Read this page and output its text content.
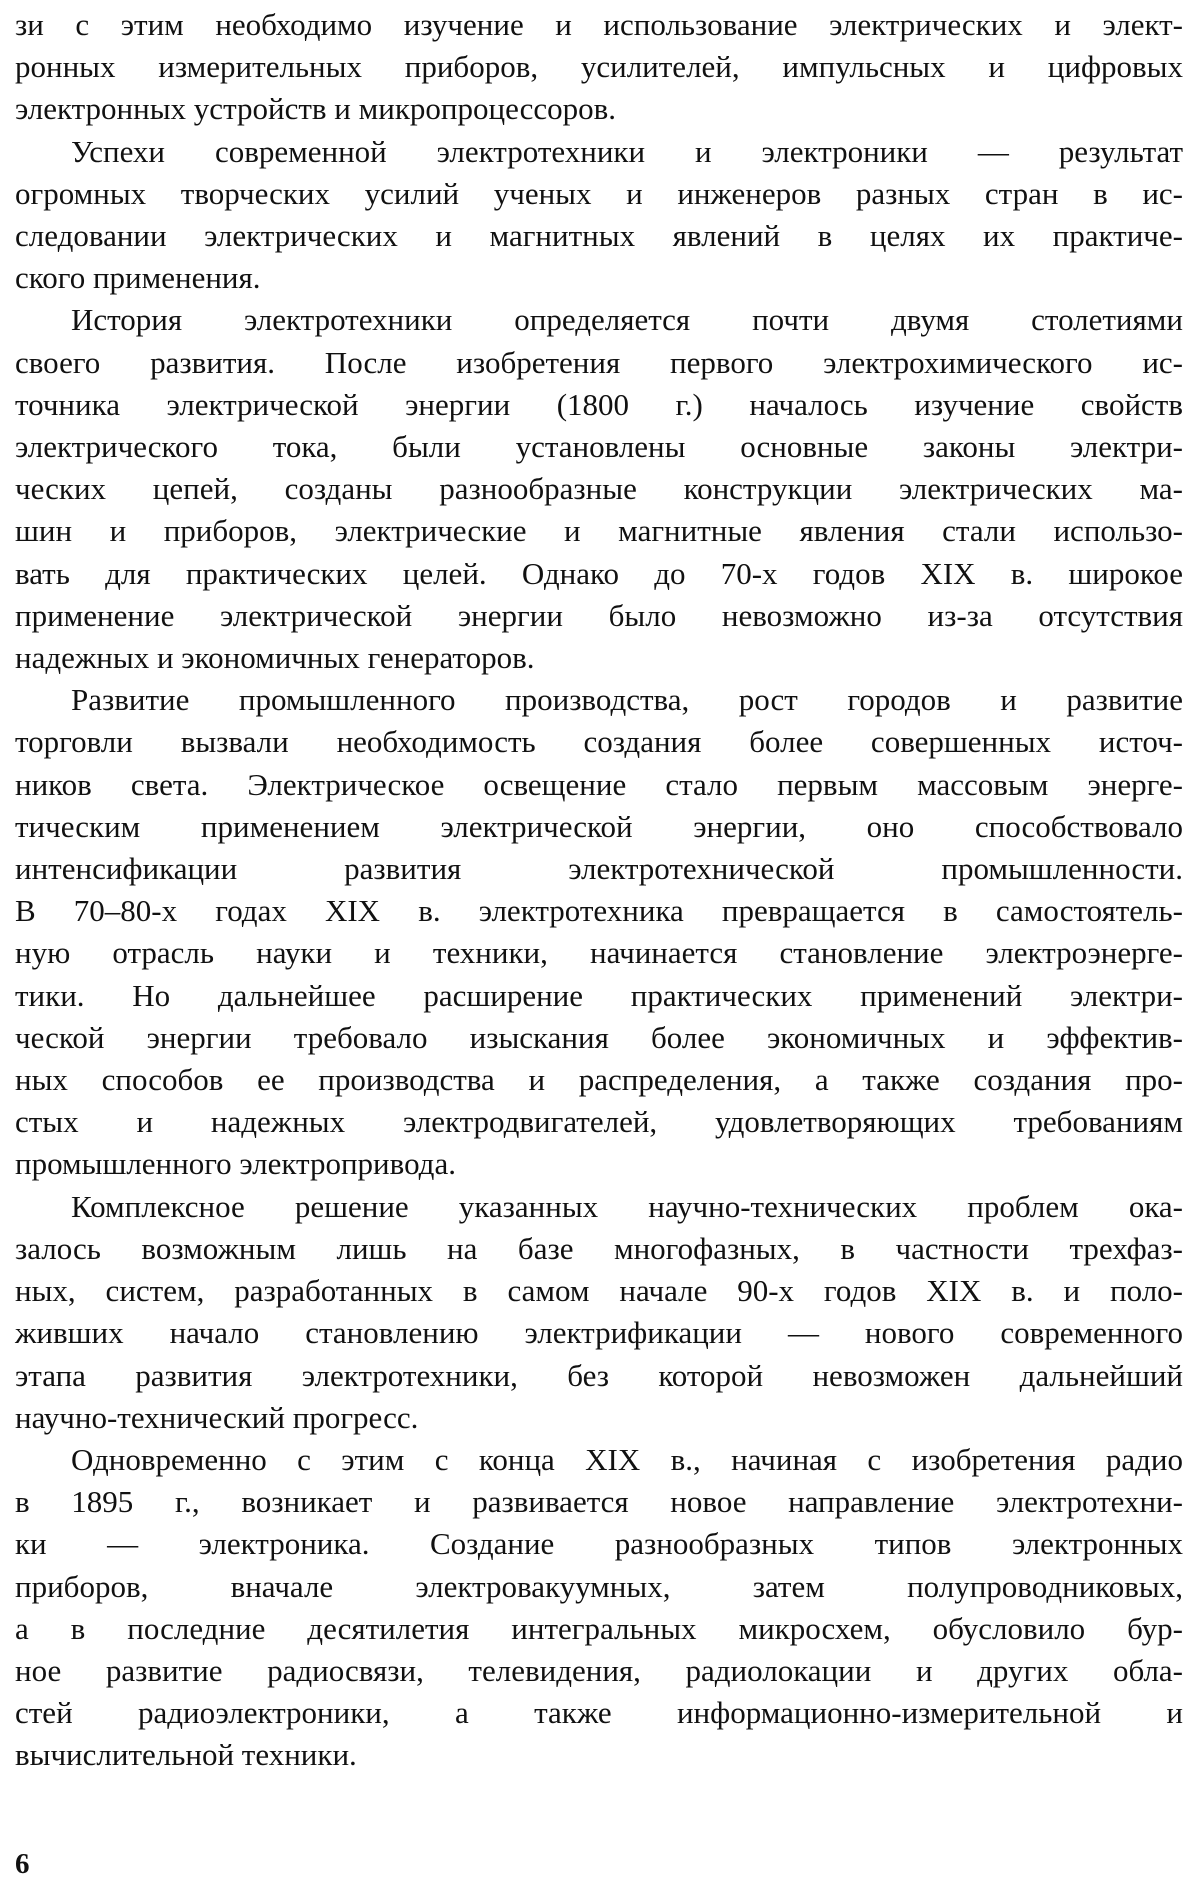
зи с этим необходимо изучение и использование электрических и элект-
ронных измерительных приборов, усилителей, импульсных и цифровых
электронных устройств и микропроцессоров.
Успехи современной электротехники и электроники — результат
огромных творческих усилий ученых и инженеров разных стран в ис-
следовании электрических и магнитных явлений в целях их практиче-
ского применения.
История электротехники определяется почти двумя столетиями
своего развития. После изобретения первого электрохимического ис-
точника электрической энергии (1800 г.) началось изучение свойств
электрического тока, были установлены основные законы электри-
ческих цепей, созданы разнообразные конструкции электрических ма-
шин и приборов, электрические и магнитные явления стали использо-
вать для практических целей. Однако до 70-х годов XIX в. широкое
применение электрической энергии было невозможно из-за отсутствия
надежных и экономичных генераторов.
Развитие промышленного производства, рост городов и развитие
торговли вызвали необходимость создания более совершенных источ-
ников света. Электрическое освещение стало первым массовым энерге-
тическим применением электрической энергии, оно способствовало
интенсификации развития электротехнической промышленности.
В 70–80-х годах XIX в. электротехника превращается в самостоятель-
ную отрасль науки и техники, начинается становление электроэнерге-
тики. Но дальнейшее расширение практических применений электри-
ческой энергии требовало изыскания более экономичных и эффектив-
ных способов ее производства и распределения, а также создания про-
стых и надежных электродвигателей, удовлетворяющих требованиям
промышленного электропривода.
Комплексное решение указанных научно-технических проблем ока-
залось возможным лишь на базе многофазных, в частности трехфаз-
ных, систем, разработанных в самом начале 90-х годов XIX в. и поло-
живших начало становлению электрификации — нового современного
этапа развития электротехники, без которой невозможен дальнейший
научно-технический прогресс.
Одновременно с этим с конца XIX в., начиная с изобретения радио
в 1895 г., возникает и развивается новое направление электротехни-
ки — электроника. Создание разнообразных типов электронных
приборов, вначале электровакуумных, затем полупроводниковых,
а в последние десятилетия интегральных микросхем, обусловило бур-
ное развитие радиосвязи, телевидения, радиолокации и других обла-
стей радиоэлектроники, а также информационно-измерительной и
вычислительной техники.
6
